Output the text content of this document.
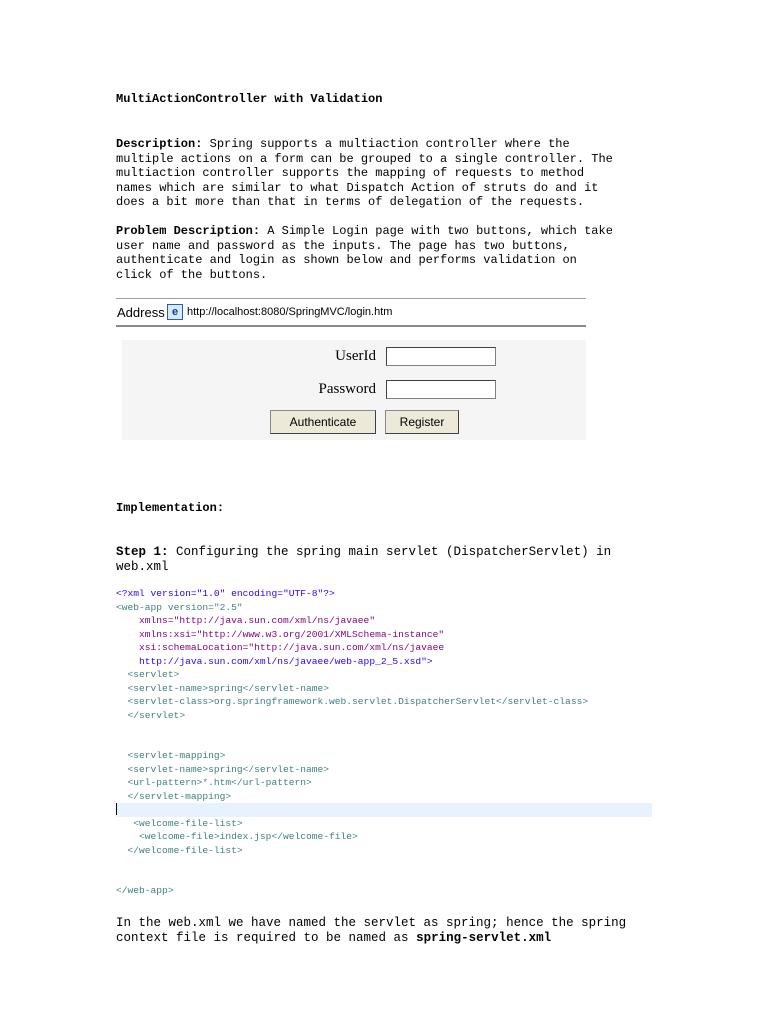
MultiActionController with Validation
Description: Spring supports a multiaction controller where the
multiple actions on a form can be grouped to a single controller. The
multiaction controller supports the mapping of requests to method
names which are similar to what Dispatch Action of struts do and it
does a bit more than that in terms of delegation of the requests.
Problem Description: A Simple Login page with two buttons, which take
user name and password as the inputs. The page has two buttons,
authenticate and login as shown below and performs validation on
click of the buttons.
Address e http://localhost:8080/SpringMVC/login.htm
UserId
Password
Authenticate	Register
Implementation:
Step 1: Configuring the spring main servlet (DispatcherServlet) in
web.xml
<?xml version="1.0" encoding="UTF-8"?>
<web-app version="2.5"
xmlns="http://java.sun.com/xml/ns/javaee"
xmlns:xsi="http://www.w3.org/2001/XMLSchema-instance"
xsi:schemaLocation="http://java.sun.com/xml/ns/javaee
http://java.sun.com/xml/ns/javaee/web-app_2_5.xsd">
<servlet>
<servlet-name>spring</servlet-name>
<servlet-class>org.springframework.web.servlet.DispatcherServlet</servlet-class>
</servlet>

<servlet-mapping>
<servlet-name>spring</servlet-name>
<url-pattern>*.htm</url-pattern>
</servlet-mapping>

<welcome-file-list>
<welcome-file>index.jsp</welcome-file>
</welcome-file-list>

</web-app>
In the web.xml we have named the servlet as spring; hence the spring
context file is required to be named as spring-servlet.xml
